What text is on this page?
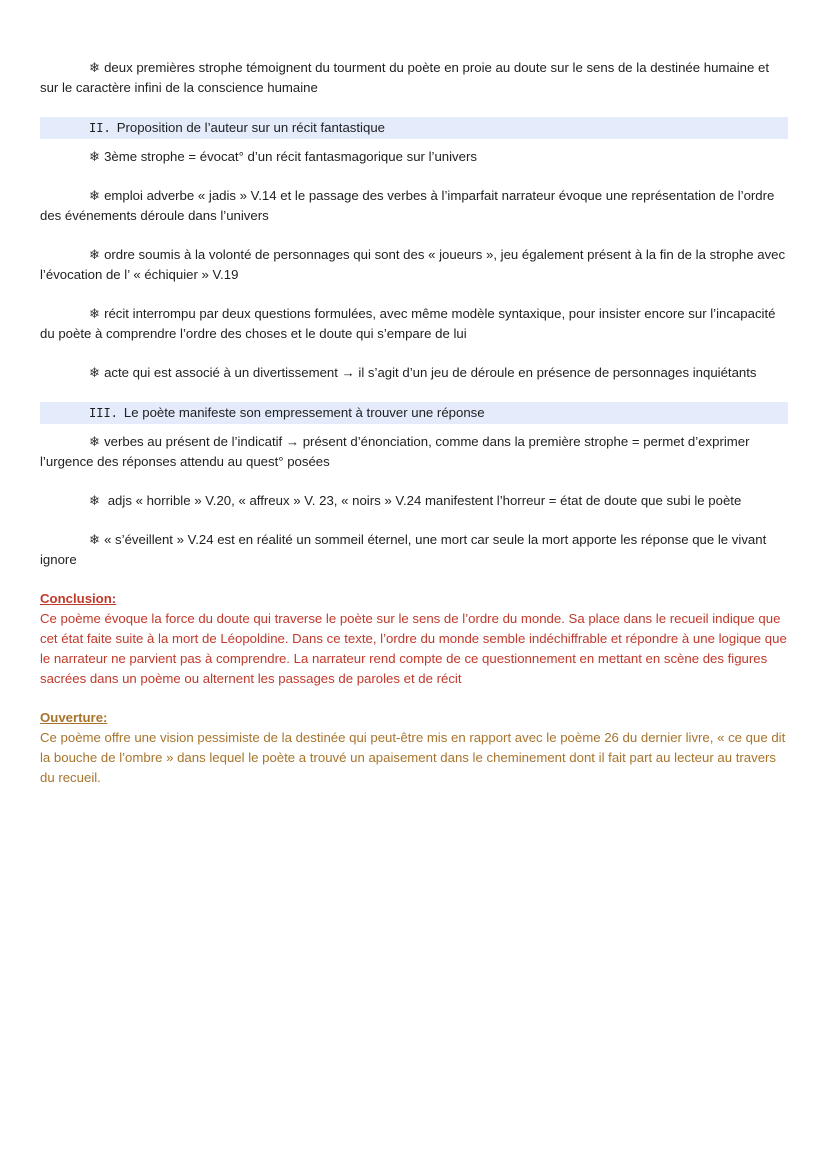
❄ deux premières strophe témoignent du tourment du poète en proie au doute sur le sens de la destinée humaine et sur le caractère infini de la conscience humaine

II. Proposition de l’auteur sur un récit fantastique

❄ 3ème strophe = évocat° d’un récit fantasmagorique sur l’univers

❄ emploi adverbe « jadis » V.14 et le passage des verbes à l’imparfait narrateur évoque une représentation de l’ordre des événements déroule dans l’univers

❄ ordre soumis à la volonté de personnages qui sont des « joueurs », jeu également présent à la fin de la strophe avec l’évocation de l’ « échiquier » V.19

❄ récit interrompu par deux questions formulées, avec même modèle syntaxique, pour insister encore sur l’incapacité du poète à comprendre l’ordre des choses et le doute qui s’empare de lui

❄ acte qui est associé à un divertissement → il s’agit d’un jeu de déroule en présence de personnages inquiétants

III. Le poète manifeste son empressement à trouver une réponse

❄ verbes au présent de l’indicatif → présent d’énonciation, comme dans la première strophe = permet d’exprimer l’urgence des réponses attendu au quest° posées

❄ adjs « horrible » V.20, « affreux » V. 23, « noirs » V.24 manifestent l’horreur = état de doute que subi le poète

❄ « s’éveillent » V.24 est en réalité un sommeil éternel, une mort car seule la mort apporte les réponse que le vivant ignore

Conclusion:

Ce poème évoque la force du doute qui traverse le poète sur le sens de l’ordre du monde. Sa place dans le recueil indique que cet état faite suite à la mort de Léopoldine. Dans ce texte, l’ordre du monde semble indéchiffrable et répondre à une logique que le narrateur ne parvient pas à comprendre. La narrateur rend compte de ce questionnement en mettant en scène des figures sacrées dans un poème ou alternent les passages de paroles et de récit

Ouverture:

Ce poème offre une vision pessimiste de la destinée qui peut-être mis en rapport avec le poème 26 du dernier livre, « ce que dit la bouche de l’ombre » dans lequel le poète a trouvé un apaisement dans le cheminement dont il fait part au lecteur au travers du recueil.
